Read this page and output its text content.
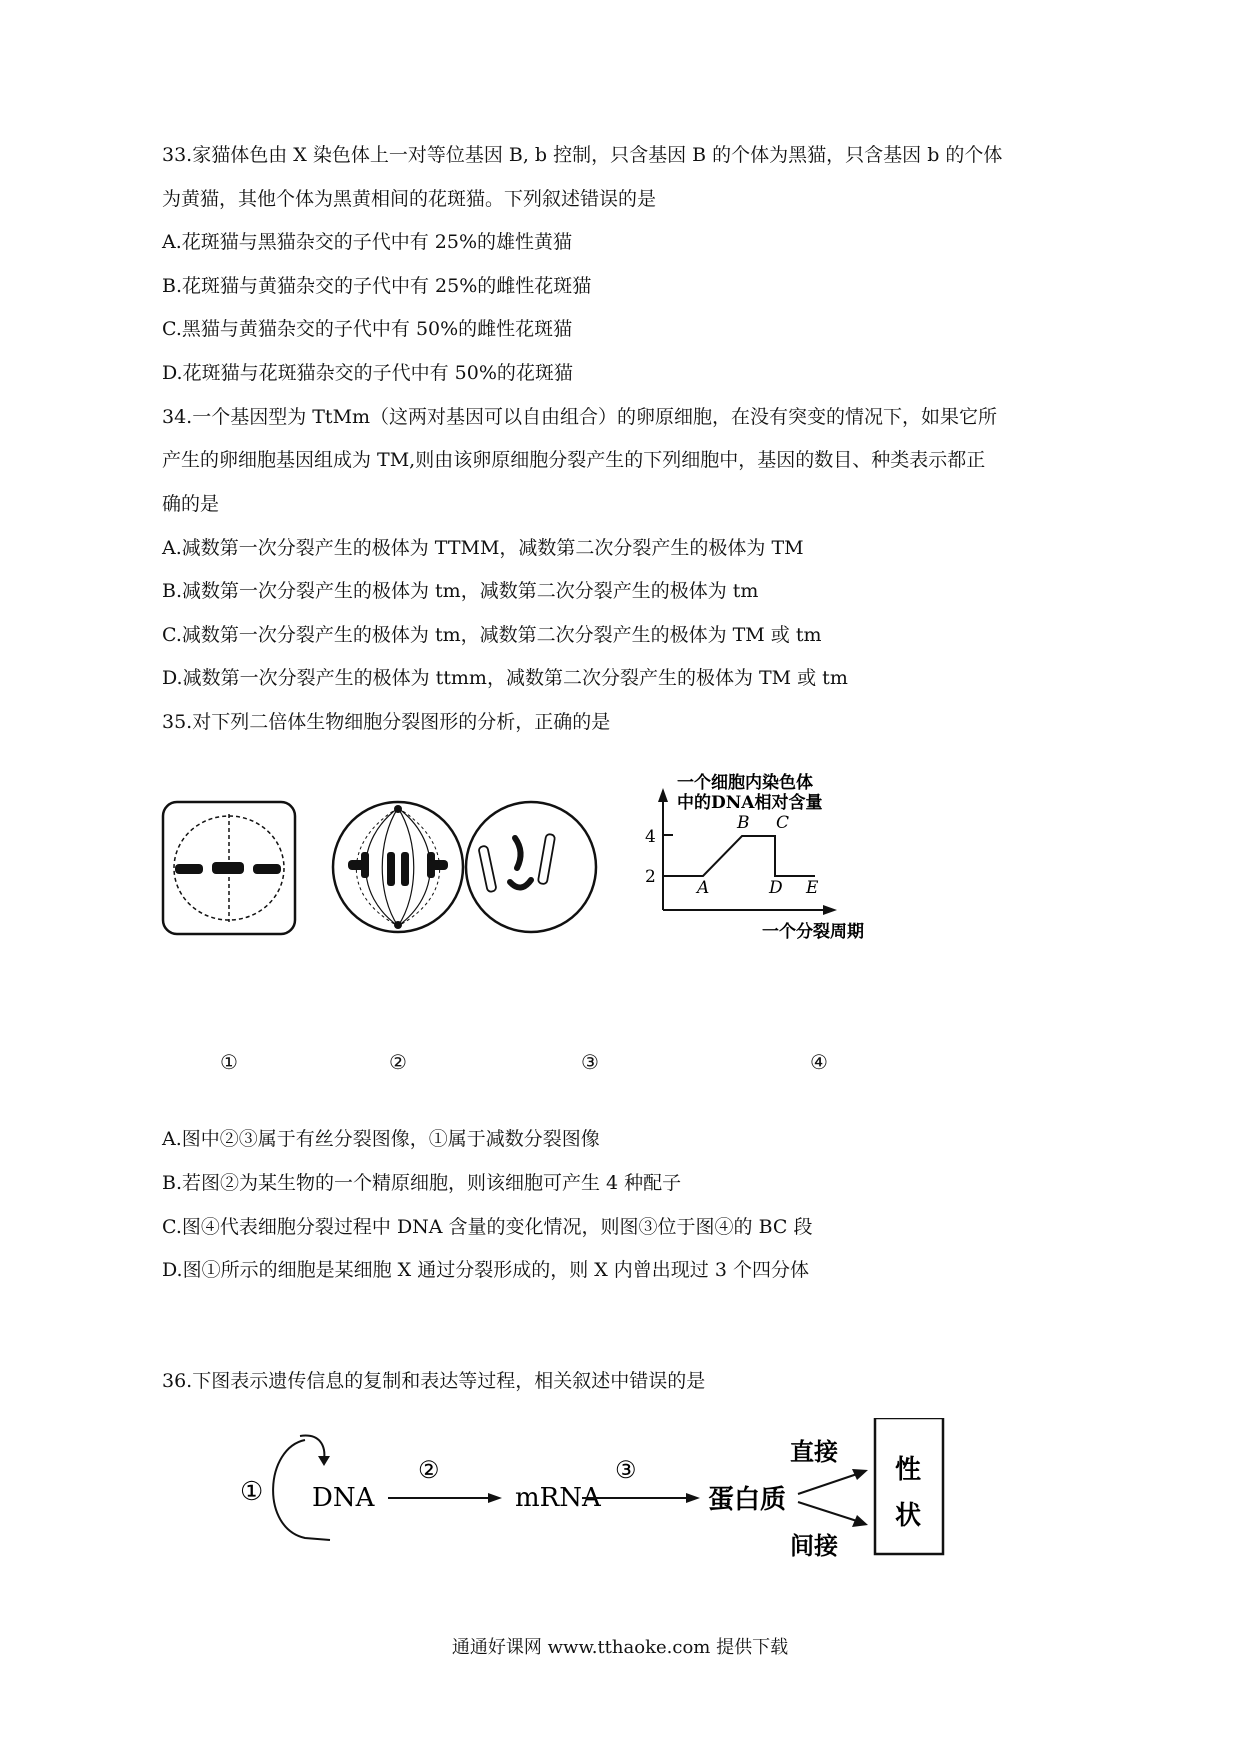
33.家猫体色由 X 染色体上一对等位基因 B, b 控制，只含基因 B 的个体为黑猫，只含基因 b 的个体
为黄猫，其他个体为黑黄相间的花斑猫。下列叙述错误的是
A.花斑猫与黑猫杂交的子代中有 25%的雄性黄猫
B.花斑猫与黄猫杂交的子代中有 25%的雌性花斑猫
C.黑猫与黄猫杂交的子代中有 50%的雌性花斑猫
D.花斑猫与花斑猫杂交的子代中有 50%的花斑猫
34.一个基因型为 TtMm（这两对基因可以自由组合）的卵原细胞，在没有突变的情况下，如果它所
产生的卵细胞基因组成为 TM,则由该卵原细胞分裂产生的下列细胞中，基因的数目、种类表示都正
确的是
A.减数第一次分裂产生的极体为 TTMM，减数第二次分裂产生的极体为 TM
B.减数第一次分裂产生的极体为 tm，减数第二次分裂产生的极体为 tm
C.减数第一次分裂产生的极体为 tm，减数第二次分裂产生的极体为 TM 或 tm
D.减数第一次分裂产生的极体为 ttmm，减数第二次分裂产生的极体为 TM 或 tm
35.对下列二倍体生物细胞分裂图形的分析，正确的是
4
2
A
B C
D E
一个细胞内染色体
中的DNA相对含量
一个分裂周期
①	②	③	④
A.图中②③属于有丝分裂图像，①属于减数分裂图像
B.若图②为某生物的一个精原细胞，则该细胞可产生 4 种配子
C.图④代表细胞分裂过程中 DNA 含量的变化情况，则图③位于图④的 BC 段
D.图①所示的细胞是某细胞 X 通过分裂形成的，则 X 内曾出现过 3 个四分体
36.下图表示遗传信息的复制和表达等过程，相关叙述中错误的是
① DNA
②
mRNA
③
蛋白质
直接
间接
性
状
通通好课网 www.tthaoke.com 提供下载
